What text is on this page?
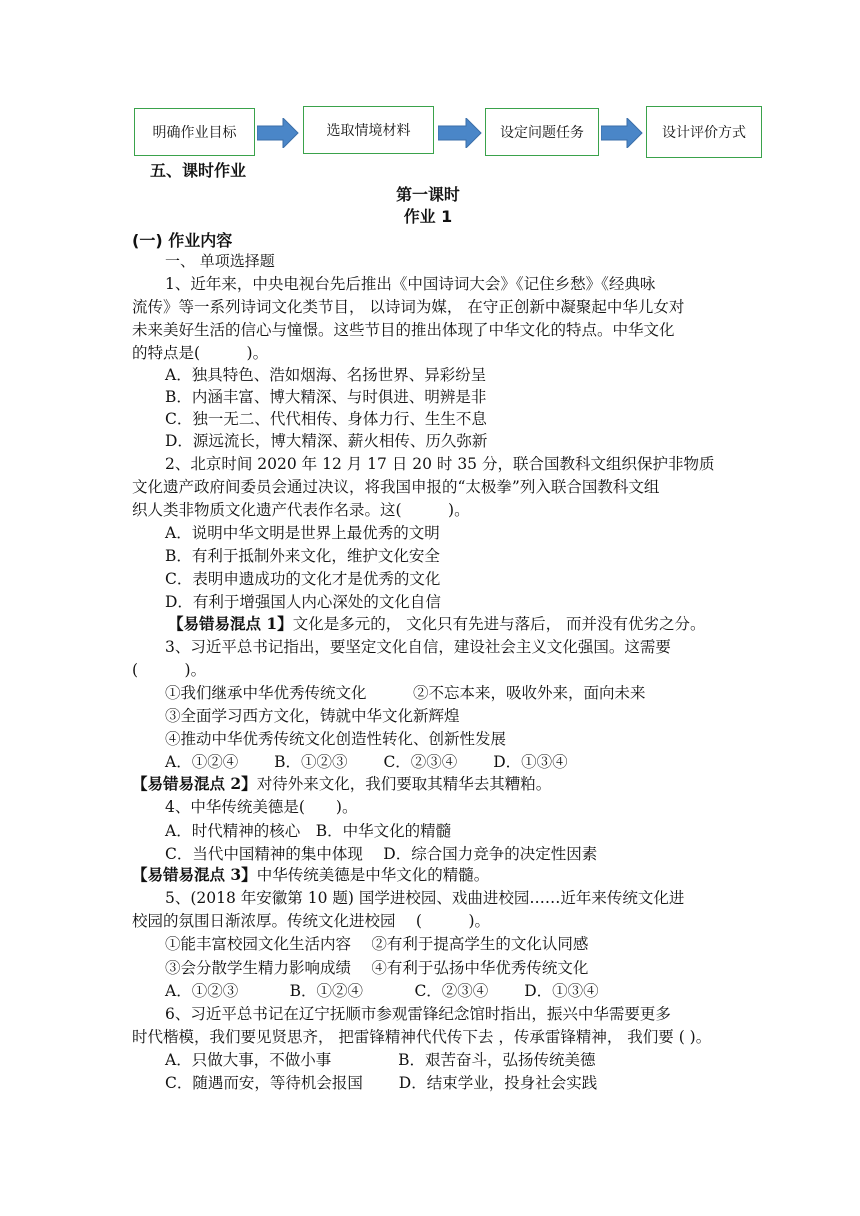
明确作业目标	选取情境材料	设定问题任务	设计评价方式
五、课时作业
第一课时
作业 1
(一) 作业内容
一、 单项选择题
1、近年来，中央电视台先后推出《中国诗词大会》《记住乡愁》《经典咏
流传》等一系列诗词文化类节目， 以诗词为媒， 在守正创新中凝聚起中华儿女对
未来美好生活的信心与憧憬。这些节目的推出体现了中华文化的特点。中华文化
的特点是(　　　)。
A．独具特色、浩如烟海、名扬世界、异彩纷呈
B．内涵丰富、博大精深、与时俱进、明辨是非
C．独一无二、代代相传、身体力行、生生不息
D．源远流长，博大精深、薪火相传、历久弥新
2、北京时间 2020 年 12 月 17 日 20 时 35 分，联合国教科文组织保护非物质
文化遗产政府间委员会通过决议，将我国申报的“太极拳”列入联合国教科文组
织人类非物质文化遗产代表作名录。这(　　　)。
A．说明中华文明是世界上最优秀的文明
B．有利于抵制外来文化，维护文化安全
C．表明申遗成功的文化才是优秀的文化
D．有利于增强国人内心深处的文化自信
【易错易混点 1】文化是多元的， 文化只有先进与落后， 而并没有优劣之分。
3、习近平总书记指出，要坚定文化自信，建设社会主义文化强国。这需要
(　　　)。
①我们继承中华优秀传统文化　　　②不忘本来，吸收外来，面向未来
③全面学习西方文化，铸就中华文化新辉煌
④推动中华优秀传统文化创造性转化、创新性发展
A．①②④　　 B．①②③　　 C．②③④　　 D．①③④
【易错易混点 2】对待外来文化，我们要取其精华去其糟粕。
4、中华传统美德是(　　)。
A．时代精神的核心　B．中华文化的精髓
C．当代中国精神的集中体现　 D．综合国力竞争的决定性因素
【易错易混点 3】中华传统美德是中华文化的精髓。
5、(2018 年安徽第 10 题) 国学进校园、戏曲进校园……近年来传统文化进
校园的氛围日渐浓厚。传统文化进校园　 (　　　)。
①能丰富校园文化生活内容　 ②有利于提高学生的文化认同感
③会分散学生精力影响成绩　 ④有利于弘扬中华优秀传统文化
A．①②③　　　 B．①②④　　　 C．②③④　　 D．①③④
6、习近平总书记在辽宁抚顺市参观雷锋纪念馆时指出，振兴中华需要更多
时代楷模，我们要见贤思齐， 把雷锋精神代代传下去 ，传承雷锋精神， 我们要 ( )。
A．只做大事，不做小事　　　　 B．艰苦奋斗，弘扬传统美德
C．随遇而安，等待机会报国　　 D．结束学业，投身社会实践
